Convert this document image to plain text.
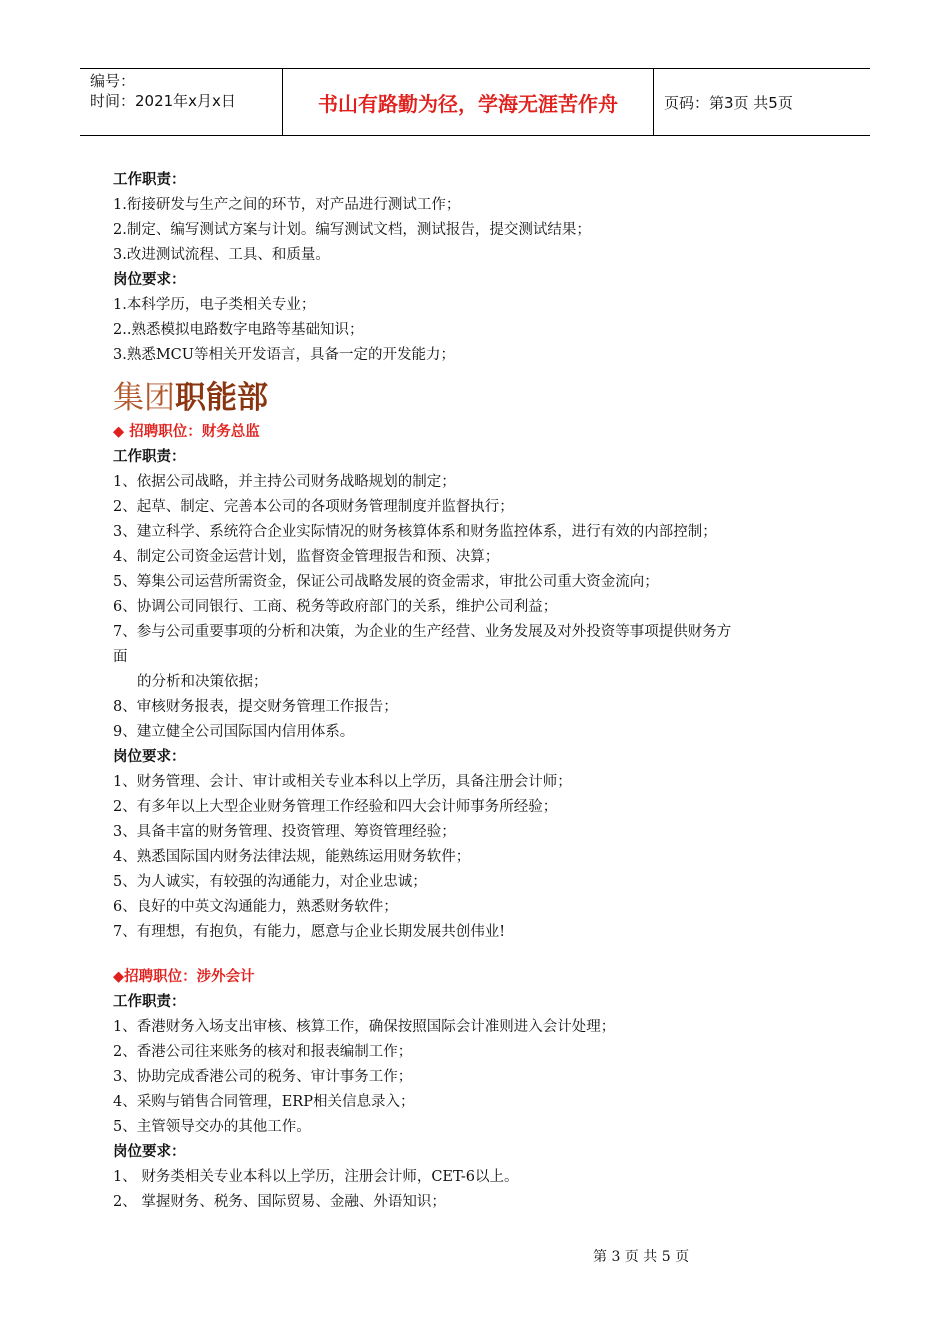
编号：
时间：2021年x月x日	书山有路勤为径，学海无涯苦作舟	页码：第3页 共5页
工作职责：
1.衔接研发与生产之间的环节，对产品进行测试工作；
2.制定、编写测试方案与计划。编写测试文档，测试报告，提交测试结果；
3.改进测试流程、工具、和质量。
岗位要求：
1.本科学历，电子类相关专业；
2..熟悉模拟电路数字电路等基础知识；
3.熟悉MCU等相关开发语言，具备一定的开发能力；
集团职能部
◆ 招聘职位：财务总监
工作职责：
1、依据公司战略，并主持公司财务战略规划的制定；
2、起草、制定、完善本公司的各项财务管理制度并监督执行；
3、建立科学、系统符合企业实际情况的财务核算体系和财务监控体系，进行有效的内部控制；
4、制定公司资金运营计划，监督资金管理报告和预、决算；
5、筹集公司运营所需资金，保证公司战略发展的资金需求，审批公司重大资金流向；
6、协调公司同银行、工商、税务等政府部门的关系，维护公司利益；
7、参与公司重要事项的分析和决策，为企业的生产经营、业务发展及对外投资等事项提供财务方
面
的分析和决策依据；
8、审核财务报表，提交财务管理工作报告；
9、建立健全公司国际国内信用体系。
岗位要求：
1、财务管理、会计、审计或相关专业本科以上学历，具备注册会计师；
2、有多年以上大型企业财务管理工作经验和四大会计师事务所经验；
3、具备丰富的财务管理、投资管理、筹资管理经验；
4、熟悉国际国内财务法律法规，能熟练运用财务软件；
5、为人诚实，有较强的沟通能力，对企业忠诚；
6、良好的中英文沟通能力，熟悉财务软件；
7、有理想，有抱负，有能力，愿意与企业长期发展共创伟业!
◆招聘职位：涉外会计
工作职责：
1、香港财务入场支出审核、核算工作，确保按照国际会计准则进入会计处理；
2、香港公司往来账务的核对和报表编制工作；
3、协助完成香港公司的税务、审计事务工作；
4、采购与销售合同管理，ERP相关信息录入；
5、主管领导交办的其他工作。
岗位要求：
1、 财务类相关专业本科以上学历，注册会计师，CET-6以上。
2、 掌握财务、税务、国际贸易、金融、外语知识；
第 3 页 共 5 页
